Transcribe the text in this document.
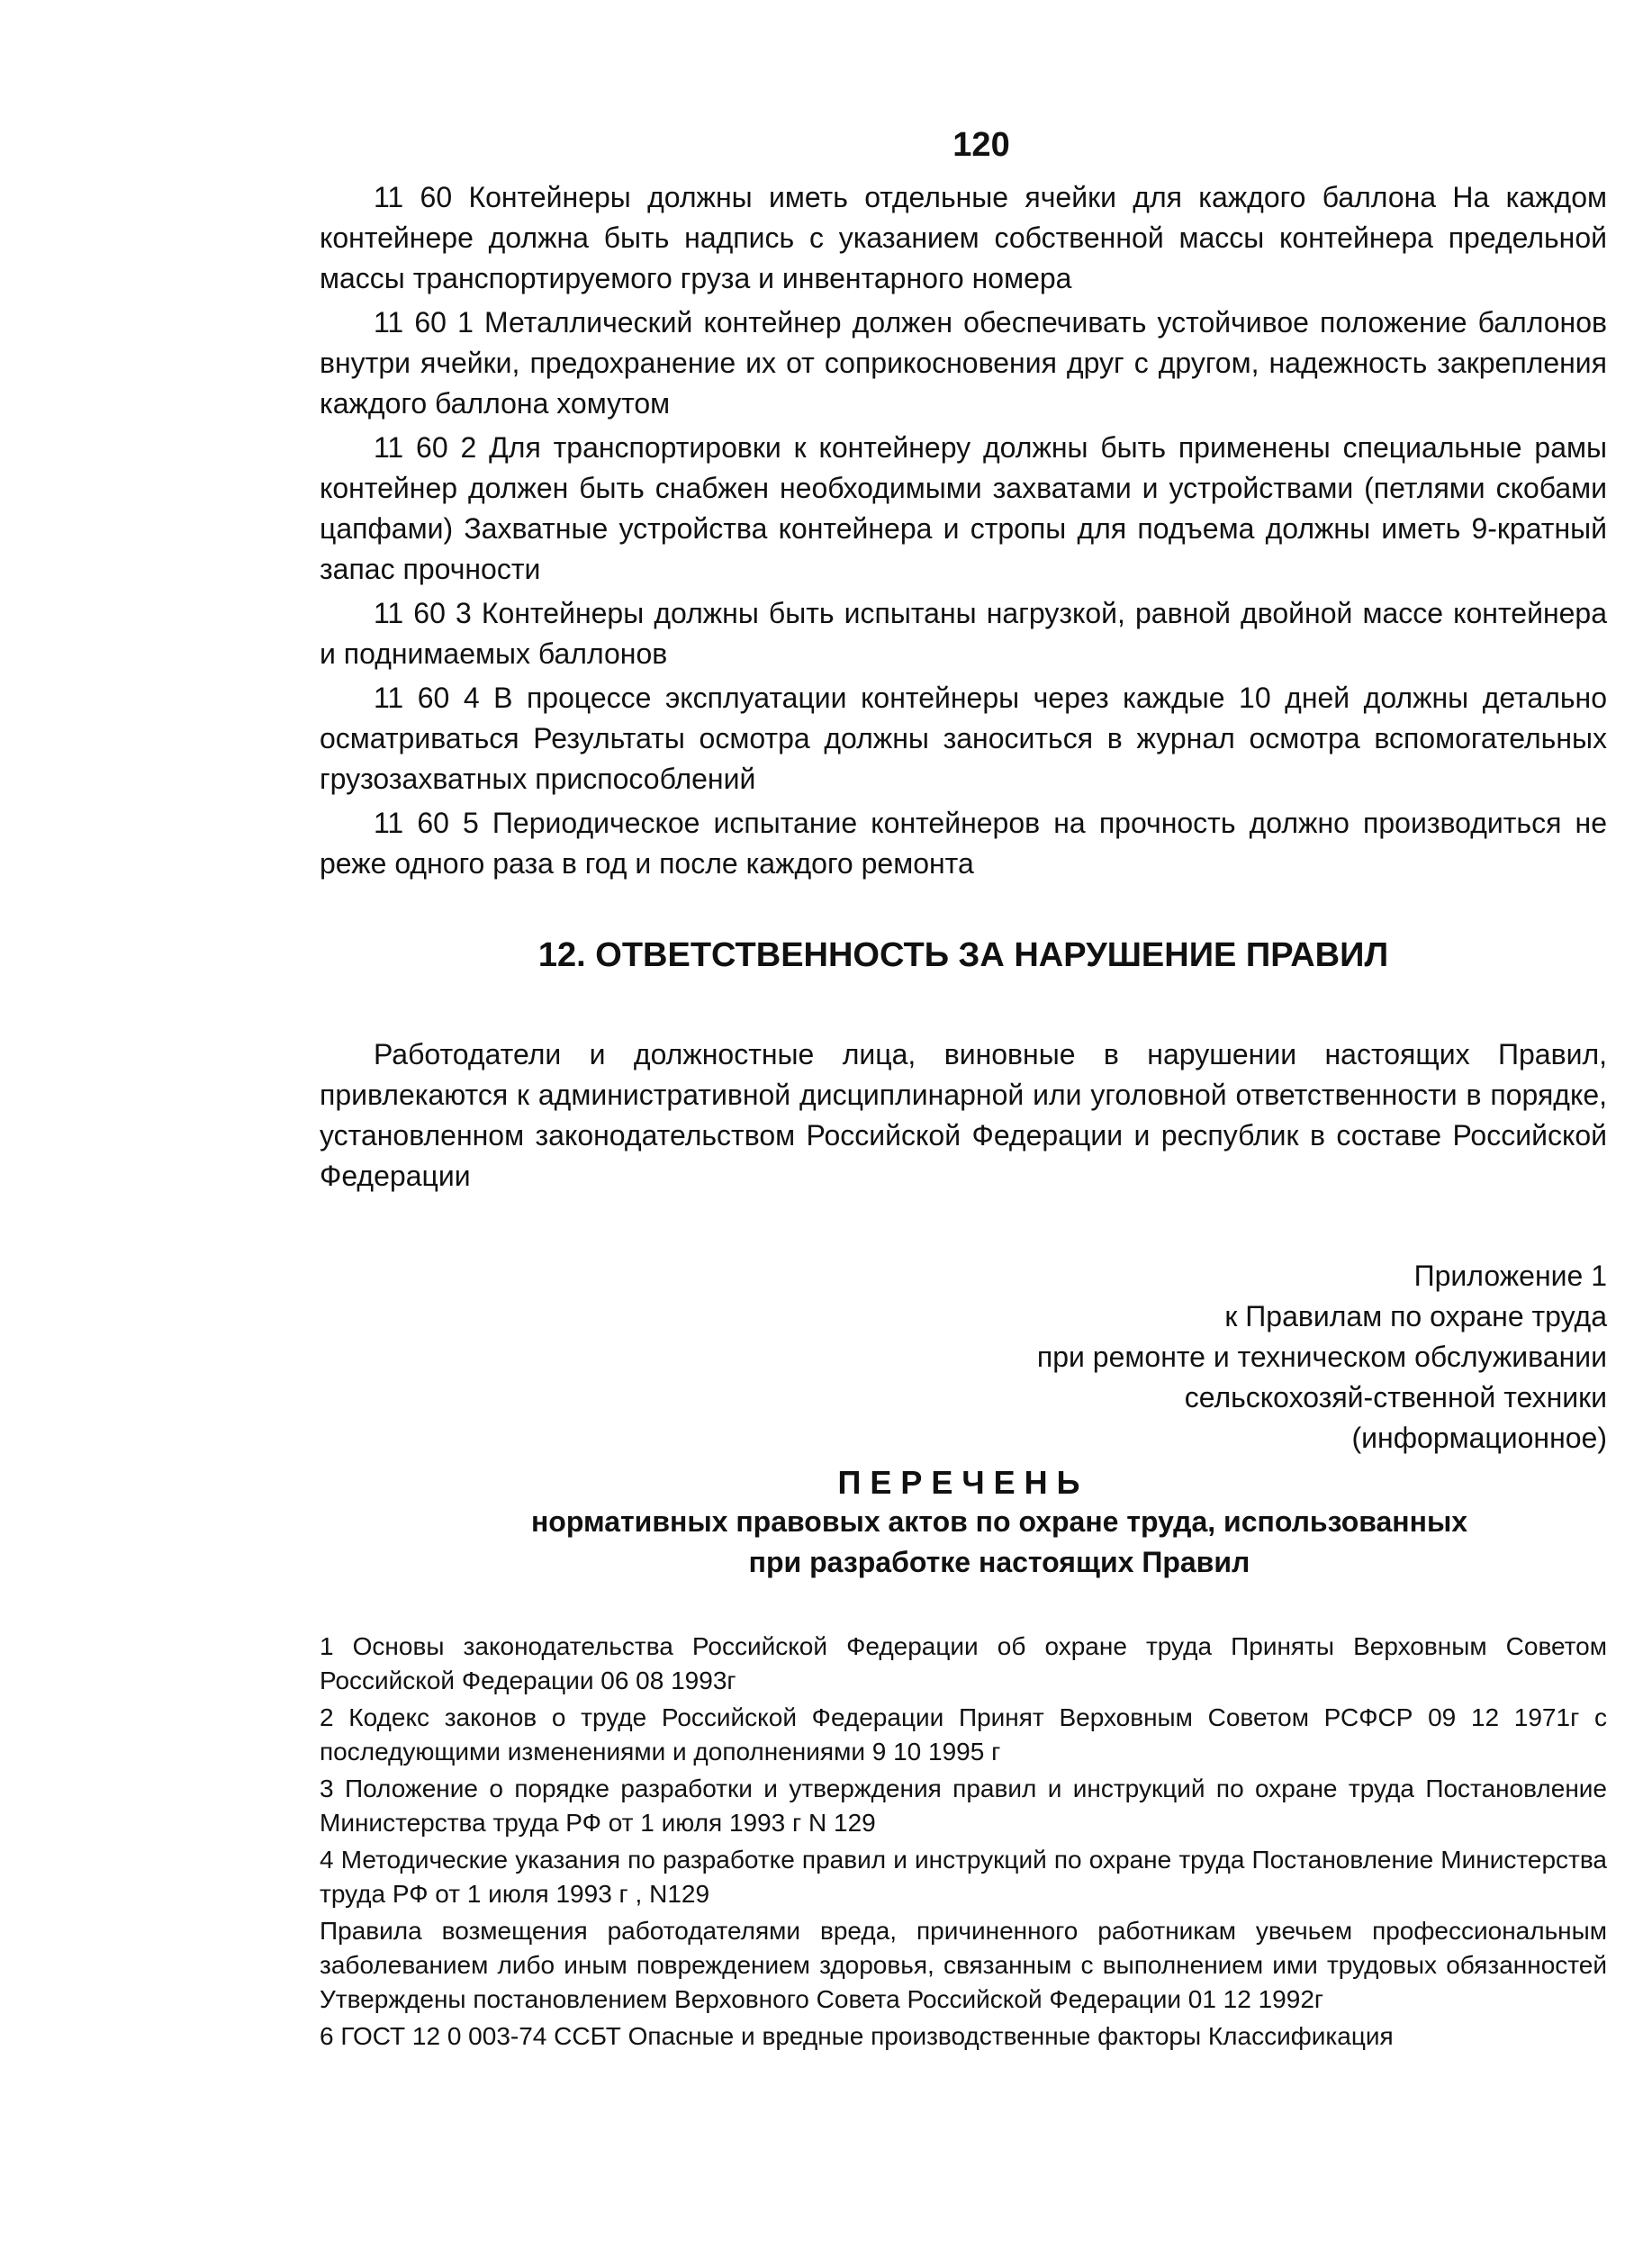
120

11 60 Контейнеры должны иметь отдельные ячейки для каждого баллона На каждом контейнере должна быть надпись с указанием собственной массы контейнера предельной массы транспортируемого груза и инвентарного номера

11 60 1 Металлический контейнер должен обеспечивать устойчивое положение баллонов внутри ячейки, предохранение их от соприкосновения друг с другом, надежность закрепления каждого баллона хомутом

11 60 2 Для транспортировки к контейнеру должны быть применены специальные рамы контейнер должен быть снабжен необходимыми захватами и устройствами (петлями скобами цапфами) Захватные устройства контейнера и стропы для подъема должны иметь 9-кратный запас прочности

11 60 3 Контейнеры должны быть испытаны нагрузкой, равной двойной массе контейнера и поднимаемых баллонов

11 60 4 В процессе эксплуатации контейнеры через каждые 10 дней должны детально осматриваться Результаты осмотра должны заноситься в журнал осмотра вспомогательных грузозахватных приспособлений

11 60 5 Периодическое испытание контейнеров на прочность должно производиться не реже одного раза в год и после каждого ремонта

12. ОТВЕТСТВЕННОСТЬ ЗА НАРУШЕНИЕ ПРАВИЛ

Работодатели и должностные лица, виновные в нарушении настоящих Правил, привлекаются к административной дисциплинарной или уголовной ответственности в порядке, установленном законодательством Российской Федерации и республик в составе Российской Федерации

Приложение 1
к Правилам по охране труда
при ремонте и техническом обслуживании
сельскохозяй-ственной техники
(информационное)
ПЕРЕЧЕНЬ
нормативных правовых актов по охране труда, использованных
при разработке настоящих Правил

1 Основы законодательства Российской Федерации об охране труда Приняты Верховным Советом Российской Федерации 06 08 1993г

2 Кодекс законов о труде Российской Федерации Принят Верховным Советом РСФСР 09 12 1971г с последующими изменениями и дополнениями 9 10 1995 г

3 Положение о порядке разработки и утверждения правил и инструкций по охране труда Постановление Министерства труда РФ от 1 июля 1993 г N 129

4 Методические указания по разработке правил и инструкций по охране труда Постановление Министерства труда РФ от 1 июля 1993 г , N129

Правила возмещения работодателями вреда, причиненного работникам увечьем профессиональным заболеванием либо иным повреждением здоровья, связанным с выполнением ими трудовых обязанностей Утверждены постановлением Верховного Совета Российской Федерации 01 12 1992г

6 ГОСТ 12 0 003-74 ССБТ Опасные и вредные производственные факторы Классификация
